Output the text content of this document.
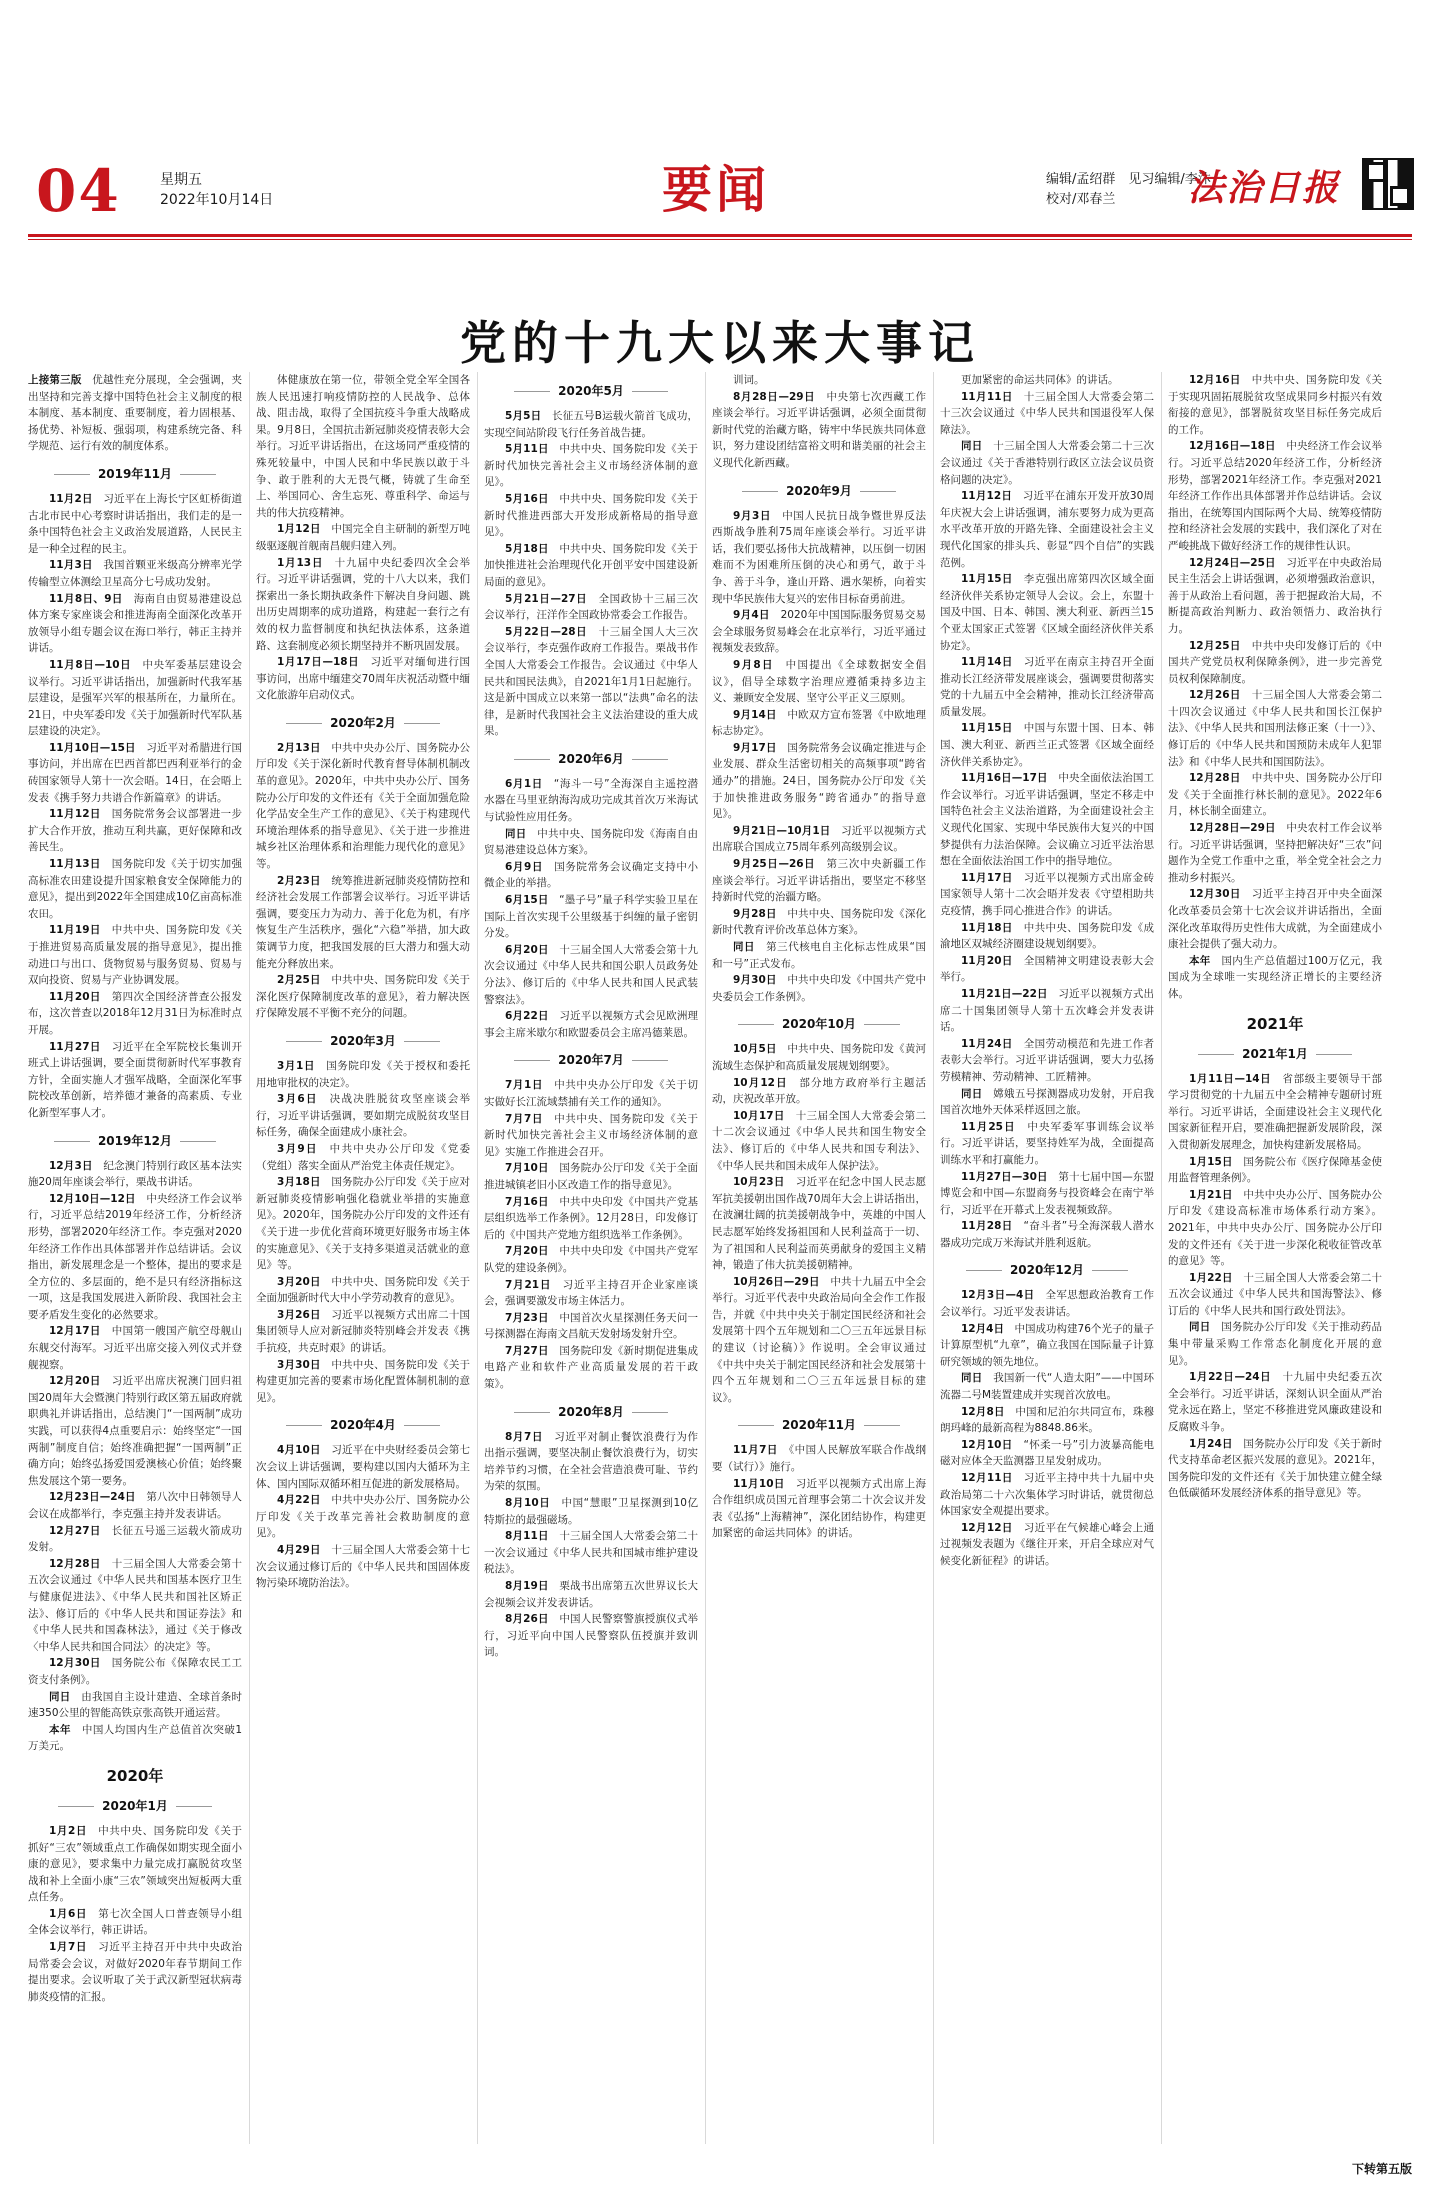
04	星期五
2022年10月14日	要闻	编辑/孟绍群　见习编辑/李沐
校对/邓春兰	法治日报
党的十九大以来大事记

上接第三版　 优越性充分展现，全会强调，夹出坚持和完善支撑中国特色社会主义制度的根本制度、基本制度、重要制度，着力固根基、扬优势、补短板、强弱项，构建系统完备、科学规范、运行有效的制度体系。

2019年11月

11月2日　 习近平在上海长宁区虹桥街道古北市民中心考察时讲话指出，我们走的是一条中国特色社会主义政治发展道路，人民民主是一种全过程的民主。

11月3日　 我国首颗亚米级高分辨率光学传输型立体测绘卫星高分七号成功发射。

11月8日、9日　 海南自由贸易港建设总体方案专家座谈会和推进海南全面深化改革开放领导小组专题会议在海口举行，韩正主持并讲话。

11月8日—10日　 中央军委基层建设会议举行。习近平讲话指出，加强新时代我军基层建设，是强军兴军的根基所在，力量所在。21日，中央军委印发《关于加强新时代军队基层建设的决定》。

11月10日—15日　 习近平对希腊进行国事访问，并出席在巴西首都巴西利亚举行的金砖国家领导人第十一次会晤。14日，在会晤上发表《携手努力共谱合作新篇章》的讲话。

11月12日　 国务院常务会议部署进一步扩大合作开放，推动互利共赢，更好保障和改善民生。

11月13日　 国务院印发《关于切实加强高标准农田建设提升国家粮食安全保障能力的意见》，提出到2022年全国建成10亿亩高标准农田。

11月19日　 中共中央、国务院印发《关于推进贸易高质量发展的指导意见》，提出推动进口与出口、货物贸易与服务贸易、贸易与双向投资、贸易与产业协调发展。

11月20日　 第四次全国经济普查公报发布，这次普查以2018年12月31日为标准时点开展。

11月27日　 习近平在全军院校长集训开班式上讲话强调，要全面贯彻新时代军事教育方针，全面实施人才强军战略，全面深化军事院校改革创新，培养德才兼备的高素质、专业化新型军事人才。

2019年12月

12月3日　 纪念澳门特别行政区基本法实施20周年座谈会举行，栗战书讲话。

12月10日—12日　 中央经济工作会议举行，习近平总结2019年经济工作，分析经济形势，部署2020年经济工作。李克强对2020年经济工作作出具体部署并作总结讲话。会议指出，新发展理念是一个整体，提出的要求是全方位的、多层面的，绝不是只有经济指标这一项，这是我国发展进入新阶段、我国社会主要矛盾发生变化的必然要求。

12月17日　 中国第一艘国产航空母舰山东舰交付海军。习近平出席交接入列仪式并登舰视察。

12月20日　 习近平出席庆祝澳门回归祖国20周年大会暨澳门特别行政区第五届政府就职典礼并讲话指出，总结澳门“一国两制”成功实践，可以获得4点重要启示：始终坚定“一国两制”制度自信；始终准确把握“一国两制”正确方向；始终弘扬爱国爱澳核心价值；始终聚焦发展这个第一要务。

12月23日—24日　 第八次中日韩领导人会议在成都举行，李克强主持并发表讲话。

12月27日　 长征五号遥三运载火箭成功发射。

12月28日　 十三届全国人大常委会第十五次会议通过《中华人民共和国基本医疗卫生与健康促进法》、《中华人民共和国社区矫正法》、修订后的《中华人民共和国证券法》和《中华人民共和国森林法》，通过《关于修改〈中华人民共和国合同法〉的决定》等。

12月30日　 国务院公布《保障农民工工资支付条例》。

同日　 由我国自主设计建造、全球首条时速350公里的智能高铁京张高铁开通运营。

本年　 中国人均国内生产总值首次突破1万美元。

2020年
2020年1月

1月2日　 中共中央、国务院印发《关于抓好“三农”领域重点工作确保如期实现全面小康的意见》，要求集中力量完成打赢脱贫攻坚战和补上全面小康“三农”领域突出短板两大重点任务。

1月6日　 第七次全国人口普查领导小组全体会议举行，韩正讲话。

1月7日　 习近平主持召开中共中央政治局常委会会议，对做好2020年春节期间工作提出要求。会议听取了关于武汉新型冠状病毒肺炎疫情的汇报。

体健康放在第一位，带领全党全军全国各族人民迅速打响疫情防控的人民战争、总体战、阻击战，取得了全国抗疫斗争重大战略成果。9月8日，全国抗击新冠肺炎疫情表彰大会举行。习近平讲话指出，在这场同严重疫情的殊死较量中，中国人民和中华民族以敢于斗争、敢于胜利的大无畏气概，铸就了生命至上、举国同心、舍生忘死、尊重科学、命运与共的伟大抗疫精神。

1月12日　 中国完全自主研制的新型万吨级驱逐舰首舰南昌舰归建入列。

1月13日　 十九届中央纪委四次全会举行。习近平讲话强调，党的十八大以来，我们探索出一条长期执政条件下解决自身问题、跳出历史周期率的成功道路，构建起一套行之有效的权力监督制度和执纪执法体系，这条道路、这套制度必须长期坚持并不断巩固发展。

1月17日—18日　 习近平对缅甸进行国事访问，出席中缅建交70周年庆祝活动暨中缅文化旅游年启动仪式。

2020年2月

2月13日　 中共中央办公厅、国务院办公厅印发《关于深化新时代教育督导体制机制改革的意见》。2020年，中共中央办公厅、国务院办公厅印发的文件还有《关于全面加强危险化学品安全生产工作的意见》、《关于构建现代环境治理体系的指导意见》、《关于进一步推进城乡社区治理体系和治理能力现代化的意见》等。

2月23日　 统筹推进新冠肺炎疫情防控和经济社会发展工作部署会议举行。习近平讲话强调，要变压力为动力、善于化危为机，有序恢复生产生活秩序，强化“六稳”举措，加大政策调节力度，把我国发展的巨大潜力和强大动能充分释放出来。

2月25日　 中共中央、国务院印发《关于深化医疗保障制度改革的意见》，着力解决医疗保障发展不平衡不充分的问题。

2020年3月

3月1日　 国务院印发《关于授权和委托用地审批权的决定》。

3月6日　 决战决胜脱贫攻坚座谈会举行，习近平讲话强调，要如期完成脱贫攻坚目标任务，确保全面建成小康社会。

3月9日　 中共中央办公厅印发《党委（党组）落实全面从严治党主体责任规定》。

3月18日　 国务院办公厅印发《关于应对新冠肺炎疫情影响强化稳就业举措的实施意见》。2020年，国务院办公厅印发的文件还有《关于进一步优化营商环境更好服务市场主体的实施意见》、《关于支持多渠道灵活就业的意见》等。

3月20日　 中共中央、国务院印发《关于全面加强新时代大中小学劳动教育的意见》。

3月26日　 习近平以视频方式出席二十国集团领导人应对新冠肺炎特别峰会并发表《携手抗疫，共克时艰》的讲话。

3月30日　 中共中央、国务院印发《关于构建更加完善的要素市场化配置体制机制的意见》。

2020年4月

4月10日　 习近平在中央财经委员会第七次会议上讲话强调，要构建以国内大循环为主体、国内国际双循环相互促进的新发展格局。

4月22日　 中共中央办公厅、国务院办公厅印发《关于改革完善社会救助制度的意见》。

4月29日　 十三届全国人大常委会第十七次会议通过修订后的《中华人民共和国固体废物污染环境防治法》。

2020年5月

5月5日　 长征五号B运载火箭首飞成功，实现空间站阶段飞行任务首战告捷。

5月11日　 中共中央、国务院印发《关于新时代加快完善社会主义市场经济体制的意见》。

5月16日　 中共中央、国务院印发《关于新时代推进西部大开发形成新格局的指导意见》。

5月18日　 中共中央、国务院印发《关于加快推进社会治理现代化开创平安中国建设新局面的意见》。

5月21日—27日　 全国政协十三届三次会议举行，汪洋作全国政协常委会工作报告。

5月22日—28日　 十三届全国人大三次会议举行，李克强作政府工作报告。栗战书作全国人大常委会工作报告。会议通过《中华人民共和国民法典》，自2021年1月1日起施行。这是新中国成立以来第一部以“法典”命名的法律，是新时代我国社会主义法治建设的重大成果。

2020年6月

6月1日　 “海斗一号”全海深自主遥控潜水器在马里亚纳海沟成功完成其首次万米海试与试验性应用任务。

同日　 中共中央、国务院印发《海南自由贸易港建设总体方案》。

6月9日　 国务院常务会议确定支持中小微企业的举措。

6月15日　 “墨子号”量子科学实验卫星在国际上首次实现千公里级基于纠缠的量子密钥分发。

6月20日　 十三届全国人大常委会第十九次会议通过《中华人民共和国公职人员政务处分法》、修订后的《中华人民共和国人民武装警察法》。

6月22日　 习近平以视频方式会见欧洲理事会主席米歇尔和欧盟委员会主席冯德莱恩。

2020年7月

7月1日　 中共中央办公厅印发《关于切实做好长江流域禁捕有关工作的通知》。

7月7日　 中共中央、国务院印发《关于新时代加快完善社会主义市场经济体制的意见》实施工作推进会召开。

7月10日　 国务院办公厅印发《关于全面推进城镇老旧小区改造工作的指导意见》。

7月16日　 中共中央印发《中国共产党基层组织选举工作条例》。12月28日，印发修订后的《中国共产党地方组织选举工作条例》。

7月20日　 中共中央印发《中国共产党军队党的建设条例》。

7月21日　 习近平主持召开企业家座谈会，强调要激发市场主体活力。

7月23日　 中国首次火星探测任务天问一号探测器在海南文昌航天发射场发射升空。

7月27日　 国务院印发《新时期促进集成电路产业和软件产业高质量发展的若干政策》。

2020年8月

8月7日　 习近平对制止餐饮浪费行为作出指示强调，要坚决制止餐饮浪费行为，切实培养节约习惯，在全社会营造浪费可耻、节约为荣的氛围。

8月10日　 中国“慧眼”卫星探测到10亿特斯拉的最强磁场。

8月11日　 十三届全国人大常委会第二十一次会议通过《中华人民共和国城市维护建设税法》。

8月19日　 栗战书出席第五次世界议长大会视频会议并发表讲话。

8月26日　 中国人民警察警旗授旗仪式举行，习近平向中国人民警察队伍授旗并致训词。

训词。

8月28日—29日　 中央第七次西藏工作座谈会举行。习近平讲话强调，必须全面贯彻新时代党的治藏方略，铸牢中华民族共同体意识，努力建设团结富裕文明和谐美丽的社会主义现代化新西藏。

2020年9月

9月3日　 中国人民抗日战争暨世界反法西斯战争胜利75周年座谈会举行。习近平讲话，我们要弘扬伟大抗战精神，以压倒一切困难而不为困难所压倒的决心和勇气，敢于斗争、善于斗争，逢山开路、遇水架桥，向着实现中华民族伟大复兴的宏伟目标奋勇前进。

9月4日　 2020年中国国际服务贸易交易会全球服务贸易峰会在北京举行，习近平通过视频发表致辞。

9月8日　 中国提出《全球数据安全倡议》，倡导全球数字治理应遵循秉持多边主义、兼顾安全发展、坚守公平正义三原则。

9月14日　 中欧双方宣布签署《中欧地理标志协定》。

9月17日　 国务院常务会议确定推进与企业发展、群众生活密切相关的高频事项“跨省通办”的措施。24日，国务院办公厅印发《关于加快推进政务服务“跨省通办”的指导意见》。

9月21日—10月1日　 习近平以视频方式出席联合国成立75周年系列高级别会议。

9月25日—26日　 第三次中央新疆工作座谈会举行。习近平讲话指出，要坚定不移坚持新时代党的治疆方略。

9月28日　 中共中央、国务院印发《深化新时代教育评价改革总体方案》。

同日　 第三代核电自主化标志性成果“国和一号”正式发布。

9月30日　 中共中央印发《中国共产党中央委员会工作条例》。

2020年10月

10月5日　 中共中央、国务院印发《黄河流域生态保护和高质量发展规划纲要》。

10月12日　 部分地方政府举行主题活动，庆祝改革开放。

10月17日　 十三届全国人大常委会第二十二次会议通过《中华人民共和国生物安全法》、修订后的《中华人民共和国专利法》、《中华人民共和国未成年人保护法》。

10月23日　 习近平在纪念中国人民志愿军抗美援朝出国作战70周年大会上讲话指出，在波澜壮阔的抗美援朝战争中，英雄的中国人民志愿军始终发扬祖国和人民利益高于一切、为了祖国和人民利益而英勇献身的爱国主义精神，锻造了伟大抗美援朝精神。

10月26日—29日　 中共十九届五中全会举行。习近平代表中央政治局向全会作工作报告，并就《中共中央关于制定国民经济和社会发展第十四个五年规划和二〇三五年远景目标的建议（讨论稿）》作说明。全会审议通过《中共中央关于制定国民经济和社会发展第十四个五年规划和二〇三五年远景目标的建议》。

2020年11月

11月7日　 《中国人民解放军联合作战纲要（试行）》施行。

11月10日　 习近平以视频方式出席上海合作组织成员国元首理事会第二十次会议并发表《弘扬“上海精神”，深化团结协作，构建更加紧密的命运共同体》的讲话。

更加紧密的命运共同体》的讲话。

11月11日　 十三届全国人大常委会第二十三次会议通过《中华人民共和国退役军人保障法》。

同日　 十三届全国人大常委会第二十三次会议通过《关于香港特别行政区立法会议员资格问题的决定》。

11月12日　 习近平在浦东开发开放30周年庆祝大会上讲话强调，浦东要努力成为更高水平改革开放的开路先锋、全面建设社会主义现代化国家的排头兵、彰显“四个自信”的实践范例。

11月15日　 李克强出席第四次区域全面经济伙伴关系协定领导人会议。会上，东盟十国及中国、日本、韩国、澳大利亚、新西兰15个亚太国家正式签署《区域全面经济伙伴关系协定》。

11月14日　 习近平在南京主持召开全面推动长江经济带发展座谈会，强调要贯彻落实党的十九届五中全会精神，推动长江经济带高质量发展。

11月15日　 中国与东盟十国、日本、韩国、澳大利亚、新西兰正式签署《区域全面经济伙伴关系协定》。

11月16日—17日　 中央全面依法治国工作会议举行。习近平讲话强调，坚定不移走中国特色社会主义法治道路，为全面建设社会主义现代化国家、实现中华民族伟大复兴的中国梦提供有力法治保障。会议确立习近平法治思想在全面依法治国工作中的指导地位。

11月17日　 习近平以视频方式出席金砖国家领导人第十二次会晤并发表《守望相助共克疫情，携手同心推进合作》的讲话。

11月18日　 中共中央、国务院印发《成渝地区双城经济圈建设规划纲要》。

11月20日　 全国精神文明建设表彰大会举行。

11月21日—22日　 习近平以视频方式出席二十国集团领导人第十五次峰会并发表讲话。

11月24日　 全国劳动模范和先进工作者表彰大会举行。习近平讲话强调，要大力弘扬劳模精神、劳动精神、工匠精神。

同日　 嫦娥五号探测器成功发射，开启我国首次地外天体采样返回之旅。

11月25日　 中央军委军事训练会议举行。习近平讲话，要坚持姓军为战，全面提高训练水平和打赢能力。

11月27日—30日　 第十七届中国—东盟博览会和中国—东盟商务与投资峰会在南宁举行，习近平在开幕式上发表视频致辞。

11月28日　 “奋斗者”号全海深载人潜水器成功完成万米海试并胜利返航。

2020年12月

12月3日—4日　 全军思想政治教育工作会议举行。习近平发表讲话。

12月4日　 中国成功构建76个光子的量子计算原型机“九章”，确立我国在国际量子计算研究领域的领先地位。

同日　 我国新一代“人造太阳”——中国环流器二号M装置建成并实现首次放电。

12月8日　 中国和尼泊尔共同宣布，珠穆朗玛峰的最新高程为8848.86米。

12月10日　 “怀柔一号”引力波暴高能电磁对应体全天监测器卫星发射成功。

12月11日　 习近平主持中共十九届中央政治局第二十六次集体学习时讲话，就贯彻总体国家安全观提出要求。

12月12日　 习近平在气候雄心峰会上通过视频发表题为《继往开来，开启全球应对气候变化新征程》的讲话。

12月16日　 中共中央、国务院印发《关于实现巩固拓展脱贫攻坚成果同乡村振兴有效衔接的意见》，部署脱贫攻坚目标任务完成后的工作。

12月16日—18日　 中央经济工作会议举行。习近平总结2020年经济工作，分析经济形势，部署2021年经济工作。李克强对2021年经济工作作出具体部署并作总结讲话。会议指出，在统筹国内国际两个大局、统筹疫情防控和经济社会发展的实践中，我们深化了对在严峻挑战下做好经济工作的规律性认识。

12月24日—25日　 习近平在中央政治局民主生活会上讲话强调，必须增强政治意识，善于从政治上看问题，善于把握政治大局，不断提高政治判断力、政治领悟力、政治执行力。

12月25日　 中共中央印发修订后的《中国共产党党员权利保障条例》，进一步完善党员权利保障制度。

12月26日　 十三届全国人大常委会第二十四次会议通过《中华人民共和国长江保护法》、《中华人民共和国刑法修正案（十一）》、修订后的《中华人民共和国预防未成年人犯罪法》和《中华人民共和国国防法》。

12月28日　 中共中央、国务院办公厅印发《关于全面推行林长制的意见》。2022年6月，林长制全面建立。

12月28日—29日　 中央农村工作会议举行。习近平讲话强调，坚持把解决好“三农”问题作为全党工作重中之重，举全党全社会之力推动乡村振兴。

12月30日　 习近平主持召开中央全面深化改革委员会第十七次会议并讲话指出，全面深化改革取得历史性伟大成就，为全面建成小康社会提供了强大动力。

本年　 国内生产总值超过100万亿元，我国成为全球唯一实现经济正增长的主要经济体。

2021年
2021年1月

1月11日—14日　 省部级主要领导干部学习贯彻党的十九届五中全会精神专题研讨班举行。习近平讲话，全面建设社会主义现代化国家新征程开启，要准确把握新发展阶段，深入贯彻新发展理念，加快构建新发展格局。

1月15日　 国务院公布《医疗保障基金使用监督管理条例》。

1月21日　 中共中央办公厅、国务院办公厅印发《建设高标准市场体系行动方案》。2021年，中共中央办公厅、国务院办公厅印发的文件还有《关于进一步深化税收征管改革的意见》等。

1月22日　 十三届全国人大常委会第二十五次会议通过《中华人民共和国海警法》、修订后的《中华人民共和国行政处罚法》。

同日　 国务院办公厅印发《关于推动药品集中带量采购工作常态化制度化开展的意见》。

1月22日—24日　 十九届中央纪委五次全会举行。习近平讲话，深刻认识全面从严治党永远在路上，坚定不移推进党风廉政建设和反腐败斗争。

1月24日　 国务院办公厅印发《关于新时代支持革命老区振兴发展的意见》。2021年，国务院印发的文件还有《关于加快建立健全绿色低碳循环发展经济体系的指导意见》等。

下转第五版
